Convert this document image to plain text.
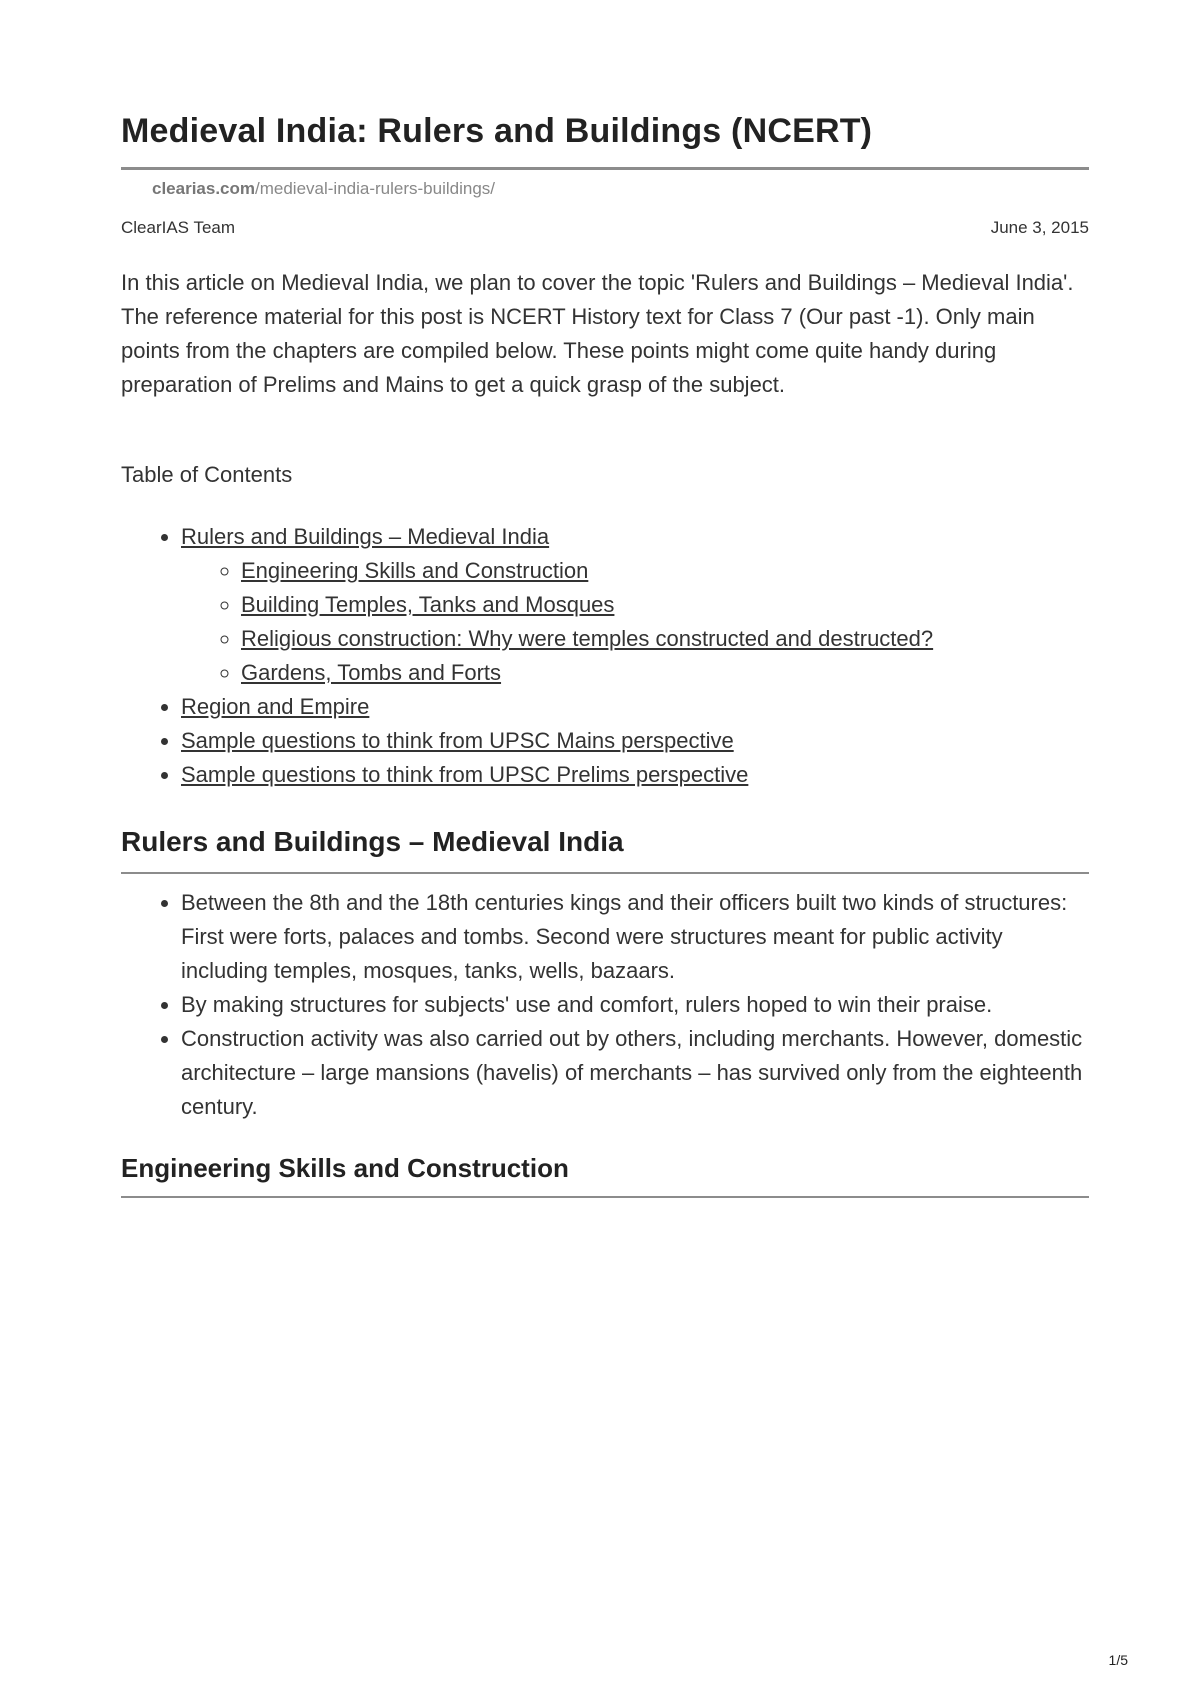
Medieval India: Rulers and Buildings (NCERT)
clearias.com/medieval-india-rulers-buildings/
ClearIAS Team	June 3, 2015

In this article on Medieval India, we plan to cover the topic 'Rulers and Buildings – Medieval India'. The reference material for this post is NCERT History text for Class 7 (Our past -1). Only main points from the chapters are compiled below. These points might come quite handy during preparation of Prelims and Mains to get a quick grasp of the subject.

Table of Contents
• Rulers and Buildings – Medieval India
◦ Engineering Skills and Construction
◦ Building Temples, Tanks and Mosques
◦ Religious construction: Why were temples constructed and destructed?
◦ Gardens, Tombs and Forts
• Region and Empire
• Sample questions to think from UPSC Mains perspective
• Sample questions to think from UPSC Prelims perspective
Rulers and Buildings – Medieval India
• Between the 8th and the 18th centuries kings and their officers built two kinds of structures: First were forts, palaces and tombs. Second were structures meant for public activity including temples, mosques, tanks, wells, bazaars.
• By making structures for subjects' use and comfort, rulers hoped to win their praise.
• Construction activity was also carried out by others, including merchants. However, domestic architecture – large mansions (havelis) of merchants – has survived only from the eighteenth century.
Engineering Skills and Construction
1/5
